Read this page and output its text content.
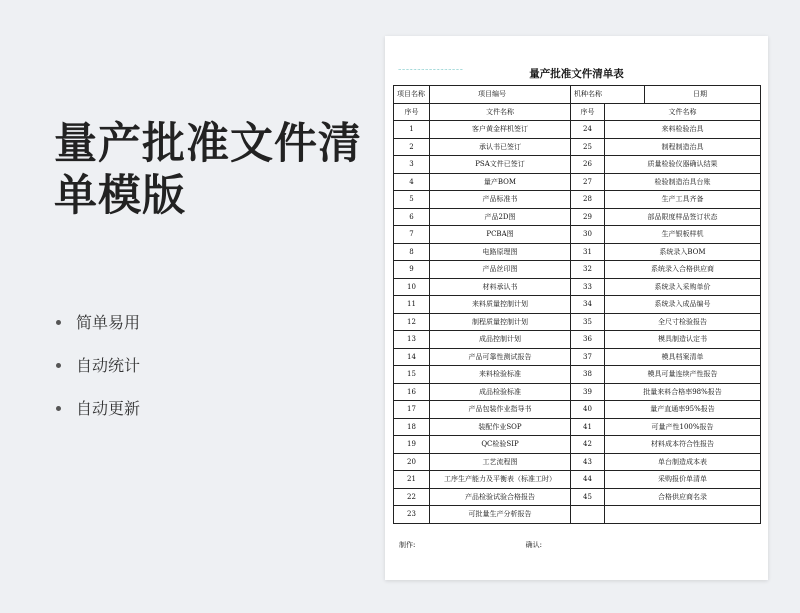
量产批准文件清单模版
简单易用
自动统计
自动更新
~~~~~~~~~~~~~~~~~	量产批准文件清单表
项目名称	项目编号	机种名称		日期
序号	文件名称	序号	文件名称	
1	客户黄金样机签订	24	来料检验治具	
2	承认书已签订	25	制程制造治具	
3	PSA文件已签订	26	质量检验仪器确认结果	
4	量产BOM	27	检验制造治具台账	
5	产品标准书	28	生产工具齐备	
6	产品2D图	29	部品限度样品签订状态	
7	PCBA图	30	生产银板样机	
8	电路原理图	31	系统录入BOM	
9	产品丝印图	32	系统录入合格供应商	
10	材料承认书	33	系统录入采购单价	
11	来料质量控制计划	34	系统录入成品编号	
12	制程质量控制计划	35	全尺寸检验报告	
13	成品控制计划	36	模具制造认定书	
14	产品可靠性测试报告	37	模具档案清单	
15	来料检验标准	38	模具可量连续产性报告	
16	成品检验标准	39	批量来料合格率98%报告	
17	产品包装作业指导书	40	量产直通率95%报告	
18	装配作业SOP	41	可量产性100%报告	
19	QC检验SIP	42	材料成本符合性报告	
20	工艺流程图	43	单台制造成本表	
21	工序生产能力及平衡表（标准工时）	44	采购报价单清单	
22	产品检验试验合格报告	45	合格供应商名录	
23	可批量生产分析报告			
制作:	确认:
